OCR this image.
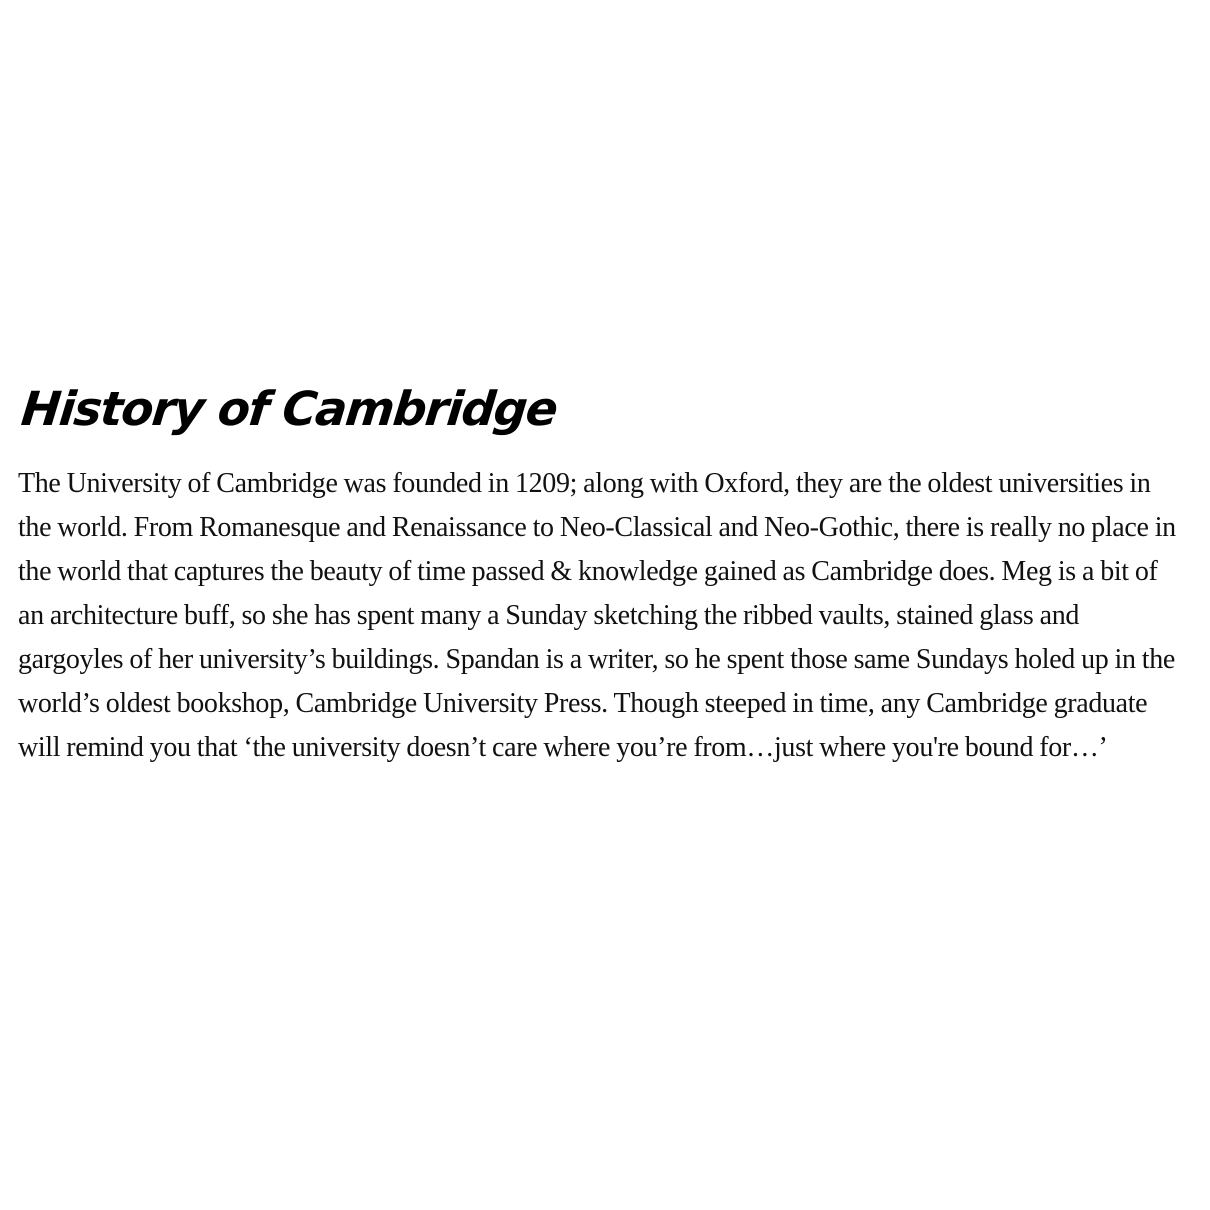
History of Cambridge

The University of Cambridge was founded in 1209; along with Oxford, they are the oldest universities in the world. From Romanesque and Renaissance to Neo-Classical and Neo-Gothic, there is really no place in the world that captures the beauty of time passed & knowledge gained as Cambridge does. Meg is a bit of an architecture buff, so she has spent many a Sunday sketching the ribbed vaults, stained glass and gargoyles of her university’s buildings. Spandan is a writer, so he spent those same Sundays holed up in the world’s oldest bookshop, Cambridge University Press. Though steeped in time, any Cambridge graduate will remind you that ‘the university doesn’t care where you’re from…just where you're bound for…’
